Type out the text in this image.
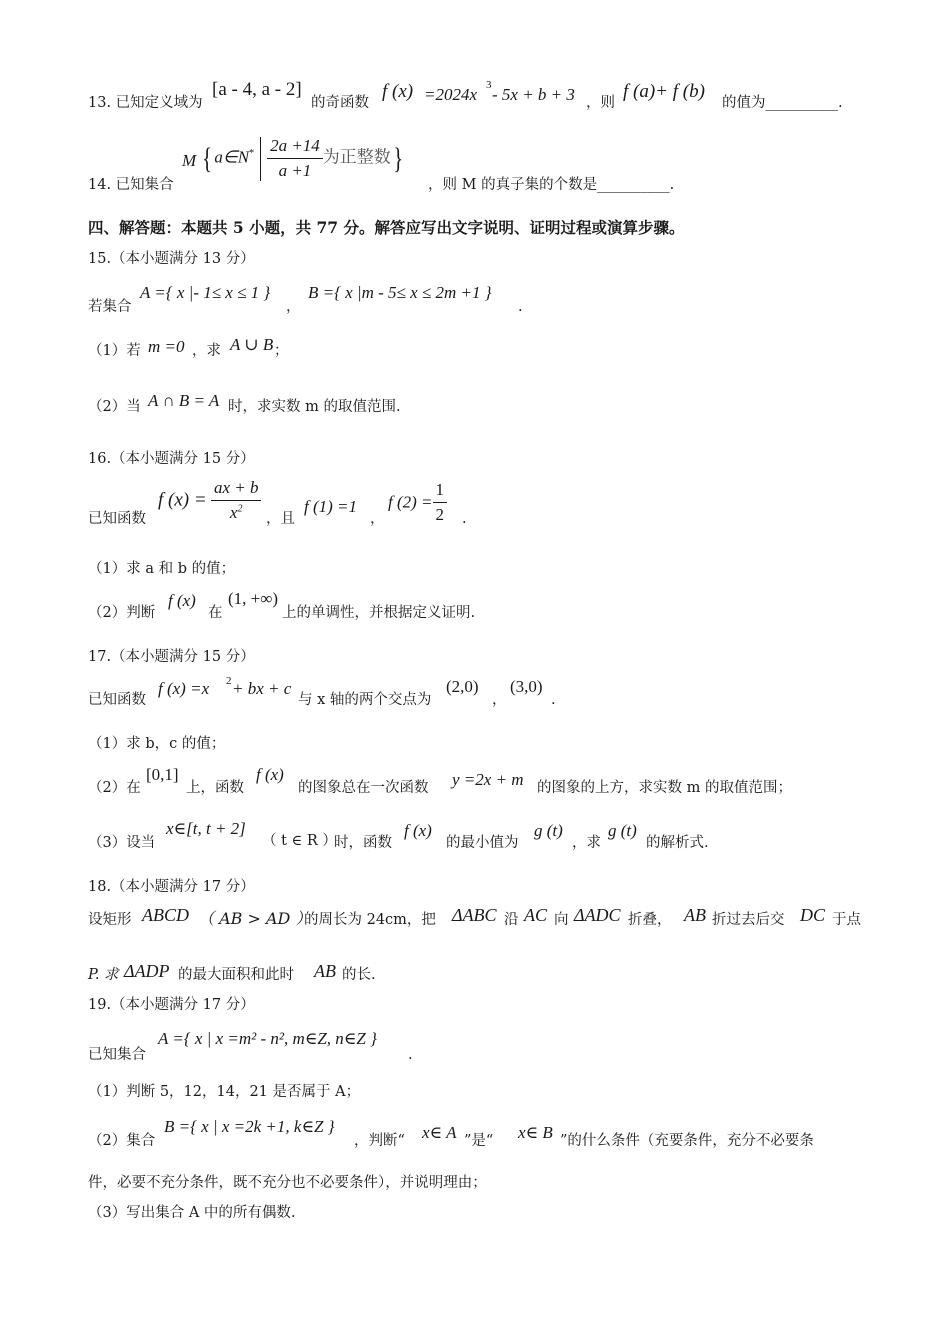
13. 已知定义域为
[a - 4, a - 2]
的奇函数
f (x) =2024x 3 - 5x + b + 3 ，则
f (a)+ f (b)
的值为__________.
14. 已知集合
M { a∈N* $\frac{2a +14}{a +1}$ 为正整数}
，则 M 的真子集的个数是__________.
四、解答题：本题共 5 小题，共 77 分。解答应写出文字说明、证明过程或演算步骤。
15.（本小题满分 13 分）
若集合
A ={ x |- 1≤ x ≤ 1 }
，
B ={ x |m - 5≤ x ≤ 2m +1 }
.
（1）若 m =0 ，求 A ∪ B ；
（2）当 A ∩ B = A 时，求实数 m 的取值范围.
16.（本小题满分 15 分）
已知函数
f $(x) = \frac{ax + b}{x^2}$ ，且
f (1) =1
，
f $(2) = \frac{1}{2}$ .
（1）求 a 和 b 的值；
（2）判断
f (x)
在
(1, +∞)
上的单调性，并根据定义证明.
17.（本小题满分 15 分）
已知函数
f (x) =x 2 + bx + c
与 x 轴的两个交点为
(2,0)
，
(3,0)
.
（1）求 b，c 的值；
（2）在
[0,1]
上，函数
f (x)
的图象总在一次函数 y =2x + m 的图象的上方，求实数 m 的取值范围；
（3）设当
x∈[t, t + 2]
（ t ∈ R ）
时，函数
f (x)
的最小值为
g (t)
，求
g (t)
的解析式.
18.（本小题满分 17 分）
设矩形 ABCD （ AB > AD ）
的周长为 24cm，把 ΔABC 沿 AC 向 ΔADC 折叠， AB 折过去后交 DC 于点
P. 求 ΔADP 的最大面积和此时 AB 的长.
19.（本小题满分 17 分）
已知集合
A ={ x | x =m² - n², m∈Z, n∈Z }
.
（1）判断 5，12，14，21 是否属于 A；
（2）集合
B ={ x | x =2k +1, k∈Z }
，判断“ x∈ A ”是“ x∈ B ”的什么条件（充要条件，充分不必要条
件，必要不充分条件，既不充分也不必要条件），并说明理由；
（3）写出集合 A 中的所有偶数.
